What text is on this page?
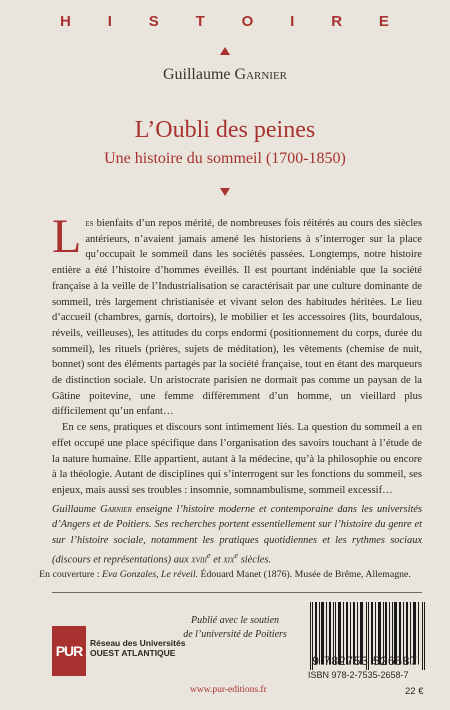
H I S T O I R E
Guillaume Garnier
L’Oubli des peines
Une histoire du sommeil (1700-1850)

Les bienfaits d’un repos mérité, de nombreuses fois réitérés au cours des siècles antérieurs, n’avaient jamais amené les historiens à s’interroger sur la place qu’occupait le sommeil dans les sociétés passées. Longtemps, notre histoire entière a été l’histoire d’hommes éveillés. Il est pourtant indéniable que la société française à la veille de l’Industrialisation se caractérisait par une culture dominante de sommeil, très largement christianisée et vivant selon des habitudes héritées. Le lieu d’accueil (chambres, garnis, dortoirs), le mobilier et les accessoires (lits, bourdalous, réveils, veilleuses), les attitudes du corps endormi (positionnement du corps, durée du sommeil), les rituels (prières, sujets de méditation), les vêtements (chemise de nuit, bonnet) sont des éléments partagés par la société française, tout en étant des marqueurs de distinction sociale. Un aristocrate parisien ne dormait pas comme un paysan de la Gâtine poitevine, une femme différemment d’un homme, un vieillard plus difficilement qu’un enfant…

En ce sens, pratiques et discours sont intimement liés. La question du sommeil a en effet occupé une place spécifique dans l’organisation des savoirs touchant à l’étude de la nature humaine. Elle appartient, autant à la médecine, qu’à la philosophie ou encore à la théologie. Autant de disciplines qui s’interrogent sur les fonctions du sommeil, ses enjeux, mais aussi ses troubles : insomnie, somnambulisme, sommeil excessif…

Guillaume Garnier enseigne l’histoire moderne et contemporaine dans les universités d’Angers et de Poitiers. Ses recherches portent essentiellement sur l’histoire du genre et sur l’histoire sociale, notamment les pratiques quotidiennes et les rythmes sociaux (discours et représentations) aux xviii$^e$ et xix$^e$ siècles.
En couverture : Eva Gonzales, Le réveil. Édouard Manet (1876). Musée de Brême, Allemagne.
Publié avec le soutien
de l’université de Poitiers
PUR Réseau des Universités
OUEST ATLANTIQUE
www.pur-editions.fr
9 782753 526587
ISBN 978-2-7535-2658-7
22 €
